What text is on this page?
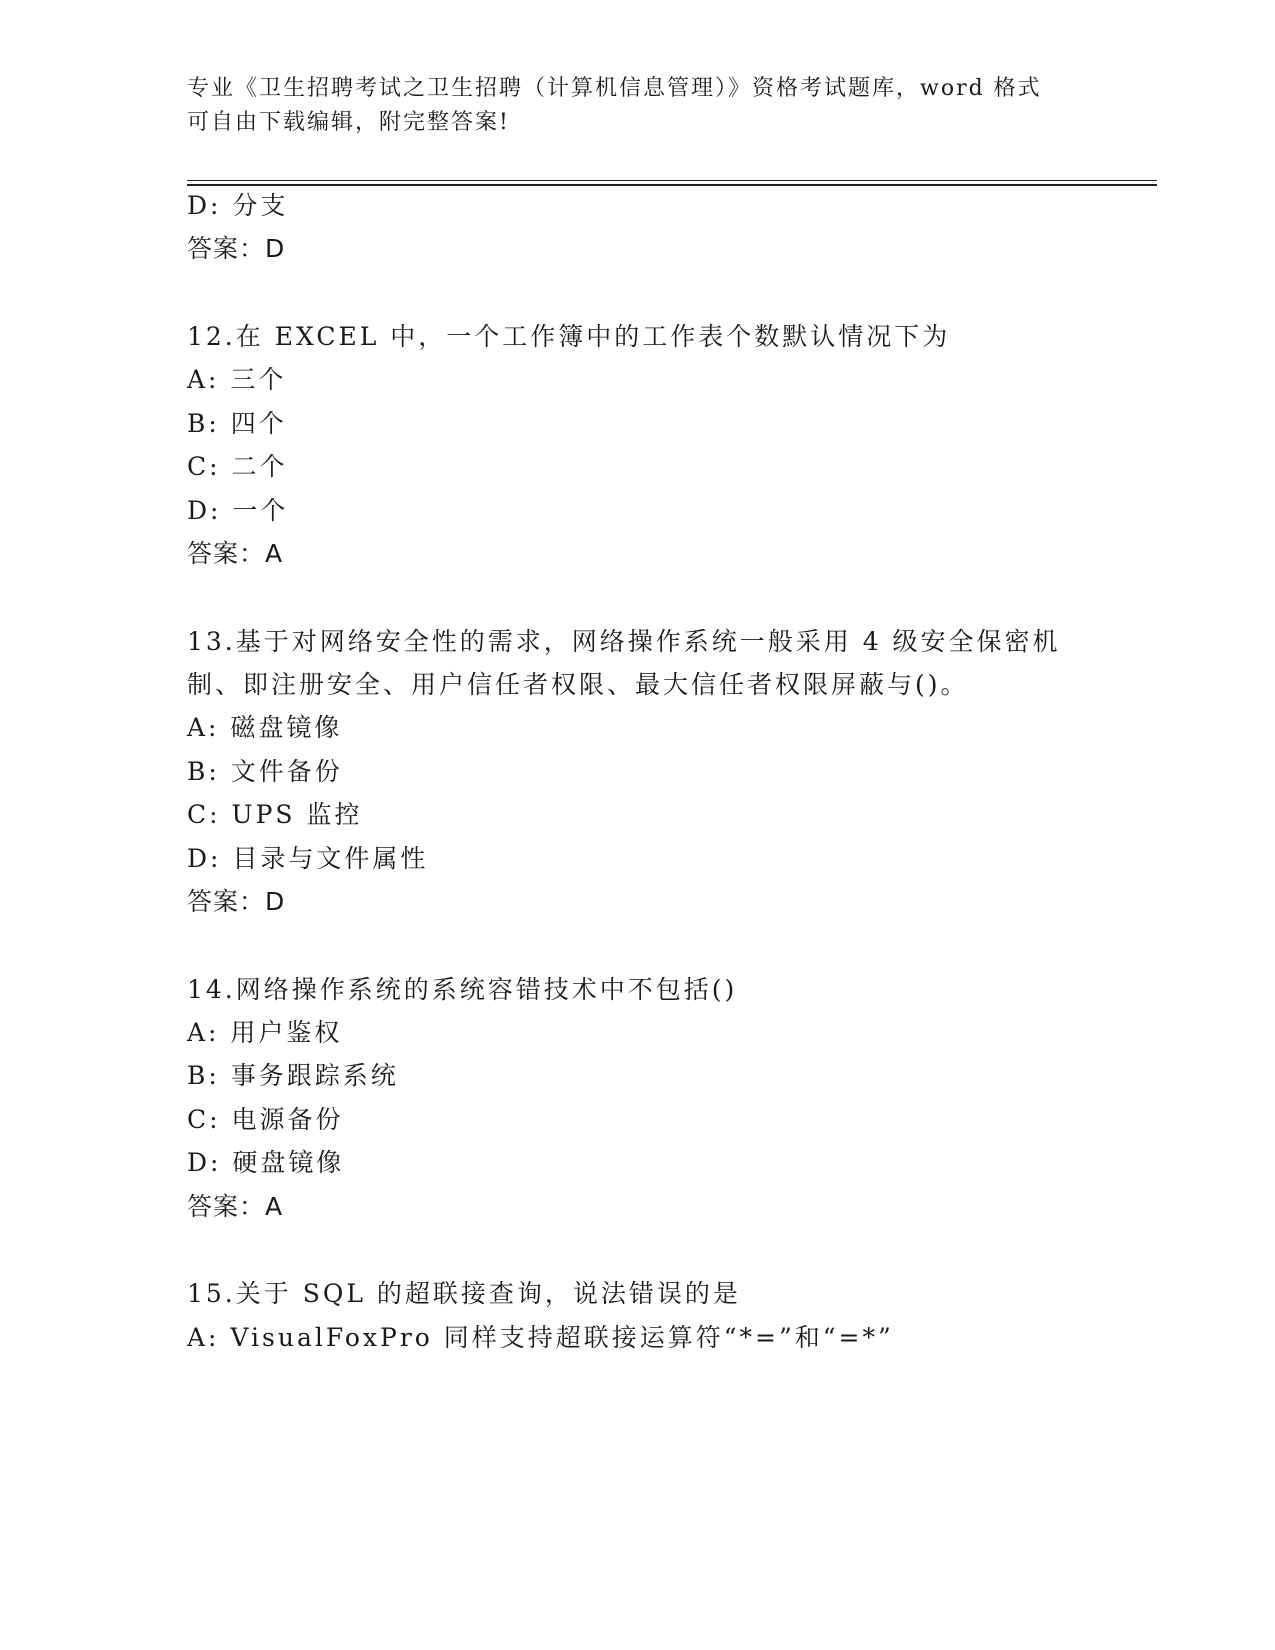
专业《卫生招聘考试之卫生招聘（计算机信息管理）》资格考试题库，word 格式
可自由下载编辑，附完整答案!
D: 分支
答案：D
12.在 EXCEL 中，一个工作簿中的工作表个数默认情况下为
A: 三个
B: 四个
C: 二个
D: 一个
答案：A
13.基于对网络安全性的需求，网络操作系统一般采用 4 级安全保密机
制、即注册安全、用户信任者权限、最大信任者权限屏蔽与()。
A: 磁盘镜像
B: 文件备份
C: UPS 监控
D: 目录与文件属性
答案：D
14.网络操作系统的系统容错技术中不包括()
A: 用户鉴权
B: 事务跟踪系统
C: 电源备份
D: 硬盘镜像
答案：A
15.关于 SQL 的超联接查询，说法错误的是
A: VisualFoxPro 同样支持超联接运算符“*=”和“=*”
